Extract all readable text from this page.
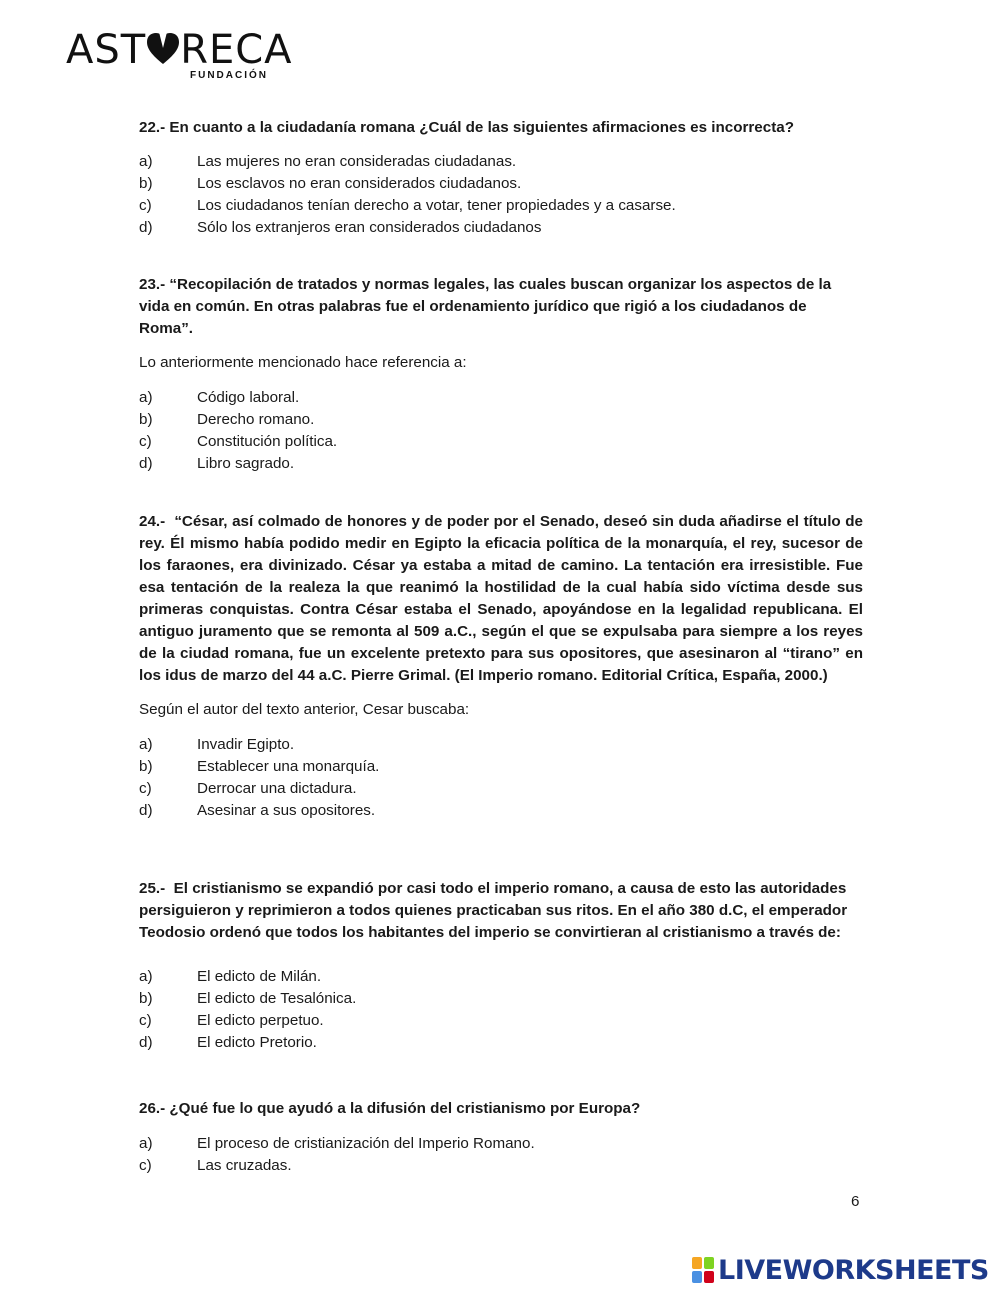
AST RECA
FUNDACIÓN

22.- En cuanto a la ciudadanía romana ¿Cuál de las siguientes afirmaciones es incorrecta?

a)	Las mujeres no eran consideradas ciudadanas.
b)	Los esclavos no eran considerados ciudadanos.
c)	Los ciudadanos tenían derecho a votar, tener propiedades y a casarse.
d)	Sólo los extranjeros eran considerados ciudadanos

23.- “Recopilación de tratados y normas legales, las cuales buscan organizar los aspectos de la vida en común. En otras palabras fue el ordenamiento jurídico que rigió a los ciudadanos de Roma”.

Lo anteriormente mencionado hace referencia a:

a)	Código laboral.
b)	Derecho romano.
c)	Constitución política.
d)	Libro sagrado.

24.- “César, así colmado de honores y de poder por el Senado, deseó sin duda añadirse el título de rey. Él mismo había podido medir en Egipto la eficacia política de la monarquía, el rey, sucesor de los faraones, era divinizado. César ya estaba a mitad de camino. La tentación era irresistible. Fue esa tentación de la realeza la que reanimó la hostilidad de la cual había sido víctima desde sus primeras conquistas. Contra César estaba el Senado, apoyándose en la legalidad republicana. El antiguo juramento que se remonta al 509 a.C., según el que se expulsaba para siempre a los reyes de la ciudad romana, fue un excelente pretexto para sus opositores, que asesinaron al “tirano” en los idus de marzo del 44 a.C. Pierre Grimal. (El Imperio romano. Editorial Crítica, España, 2000.)

Según el autor del texto anterior, Cesar buscaba:

a)	Invadir Egipto.
b)	Establecer una monarquía.
c)	Derrocar una dictadura.
d)	Asesinar a sus opositores.

25.- El cristianismo se expandió por casi todo el imperio romano, a causa de esto las autoridades persiguieron y reprimieron a todos quienes practicaban sus ritos. En el año 380 d.C, el emperador Teodosio ordenó que todos los habitantes del imperio se convirtieran al cristianismo a través de:

a)	El edicto de Milán.
b)	El edicto de Tesalónica.
c)	El edicto perpetuo.
d)	El edicto Pretorio.

26.- ¿Qué fue lo que ayudó a la difusión del cristianismo por Europa?

a)	El proceso de cristianización del Imperio Romano.
c)	Las cruzadas.
6
LIVEWORKSHEETS
